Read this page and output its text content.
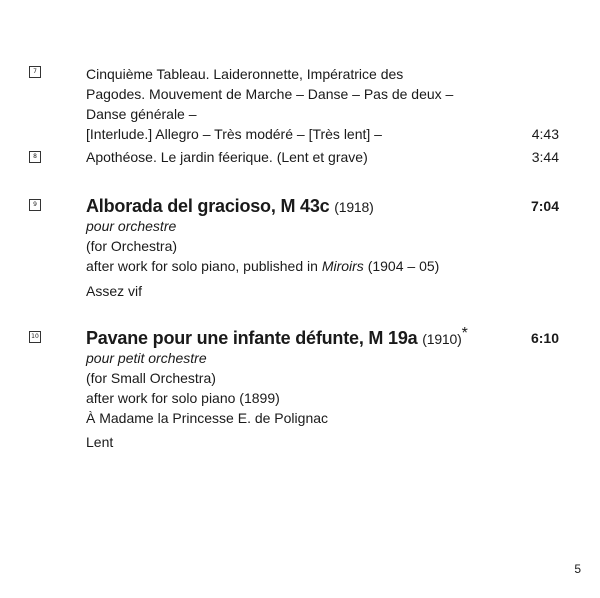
7	Cinquième Tableau. Laideronnette, Impératrice des
Pagodes. Mouvement de Marche – Danse – Pas de deux –
Danse générale –
[Interlude.] Allegro – Très modéré – [Très lent] –	4:43
8	Apothéose. Le jardin féerique. (Lent et grave)	3:44
9	Alborada del gracioso, M 43c (1918)	7:04
pour orchestre
(for Orchestra)
after work for solo piano, published in Miroirs (1904 – 05)
Assez vif
10	Pavane pour une infante défunte, M 19a (1910)*	6:10
pour petit orchestre
(for Small Orchestra)
after work for solo piano (1899)
À Madame la Princesse E. de Polignac
Lent
5
